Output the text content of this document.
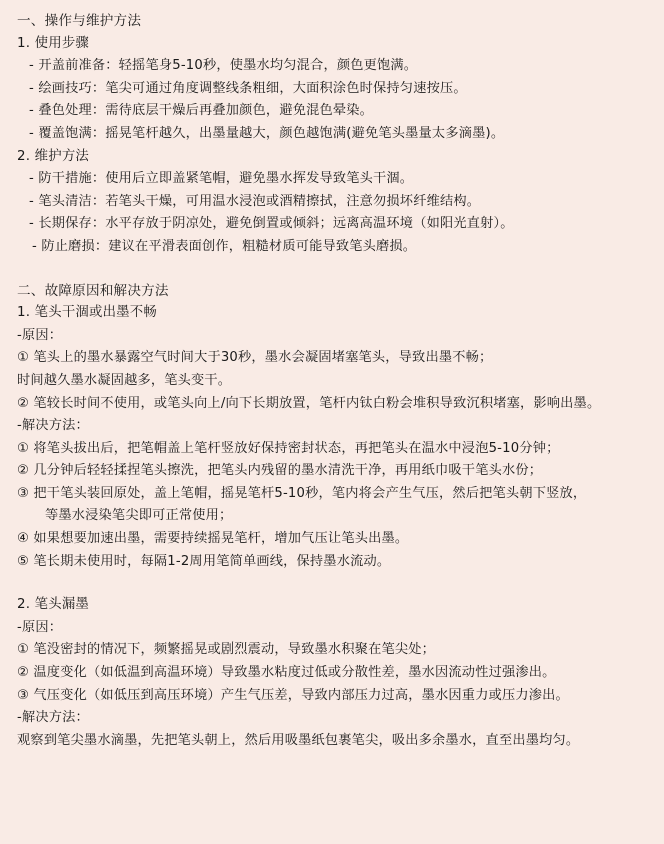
一、操作与维护方法
1. 使用步骤
- 开盖前准备：轻摇笔身5-10秒，使墨水均匀混合，颜色更饱满。
- 绘画技巧：笔尖可通过角度调整线条粗细，大面积涂色时保持匀速按压。
- 叠色处理：需待底层干燥后再叠加颜色，避免混色晕染。
- 覆盖饱满：摇晃笔杆越久，出墨量越大，颜色越饱满(避免笔头墨量太多滴墨)。
2. 维护方法
- 防干措施：使用后立即盖紧笔帽，避免墨水挥发导致笔头干涸。
- 笔头清洁：若笔头干燥，可用温水浸泡或酒精擦拭，注意勿损坏纤维结构。
- 长期保存：水平存放于阴凉处，避免倒置或倾斜；远离高温环境（如阳光直射）。
- 防止磨损：建议在平滑表面创作，粗糙材质可能导致笔头磨损。
二、故障原因和解决方法
1. 笔头干涸或出墨不畅
-原因：
① 笔头上的墨水暴露空气时间大于30秒，墨水会凝固堵塞笔头，导致出墨不畅；
时间越久墨水凝固越多，笔头变干。
② 笔较长时间不使用，或笔头向上/向下长期放置，笔杆内钛白粉会堆积导致沉积堵塞，影响出墨。
-解决方法：
① 将笔头拔出后，把笔帽盖上笔杆竖放好保持密封状态，再把笔头在温水中浸泡5-10分钟；
② 几分钟后轻轻揉捏笔头擦洗，把笔头内残留的墨水清洗干净，再用纸巾吸干笔头水份；
③ 把干笔头装回原处，盖上笔帽，摇晃笔杆5-10秒，笔内将会产生气压，然后把笔头朝下竖放，
等墨水浸染笔尖即可正常使用；
④ 如果想要加速出墨，需要持续摇晃笔杆，增加气压让笔头出墨。
⑤ 笔长期未使用时，每隔1-2周用笔简单画线，保持墨水流动。
2. 笔头漏墨
-原因：
① 笔没密封的情况下，频繁摇晃或剧烈震动，导致墨水积聚在笔尖处；
② 温度变化（如低温到高温环境）导致墨水粘度过低或分散性差，墨水因流动性过强渗出。
③ 气压变化（如低压到高压环境）产生气压差，导致内部压力过高，墨水因重力或压力渗出。
-解决方法：
观察到笔尖墨水滴墨，先把笔头朝上，然后用吸墨纸包裹笔尖，吸出多余墨水，直至出墨均匀。
